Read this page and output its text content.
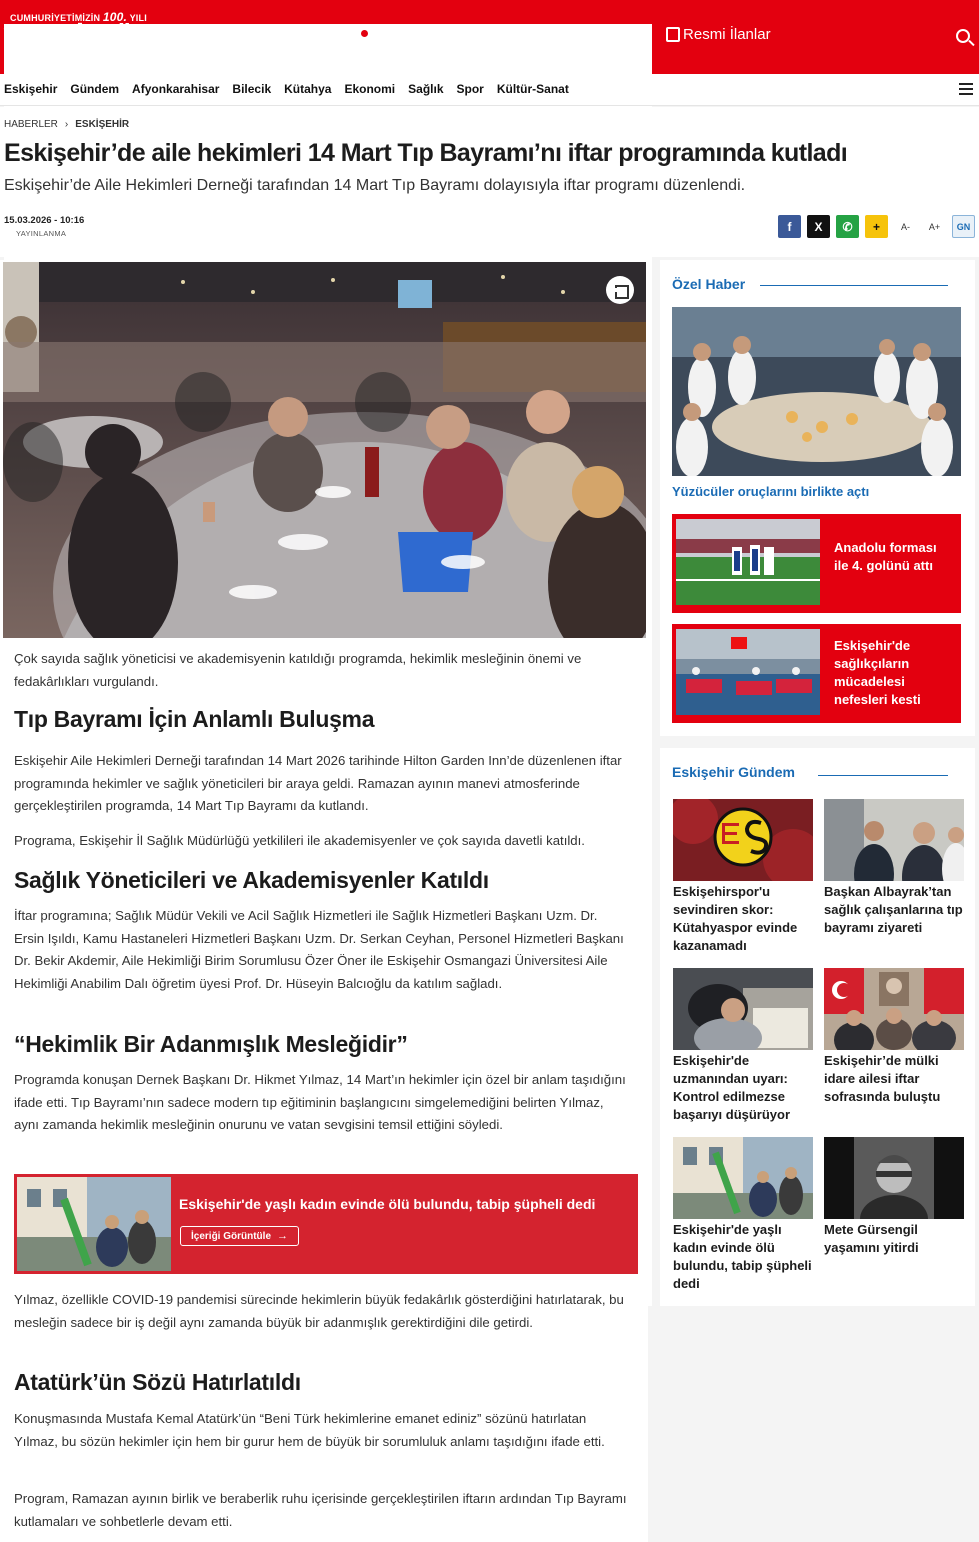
CUMHURİYETİMİZİN 100. YILI
YENİGÜN	Foto Galeri	Video	Yazarlar	Resmi İlanlar
Eskişehir Gündem Afyonkarahisar Bilecik Kütahya Ekonomi Sağlık Spor Kültür-Sanat
HABERLER › ESKİŞEHİR
Eskişehir’de aile hekimleri 14 Mart Tıp Bayramı’nı iftar programında kutladı
Eskişehir’de Aile Hekimleri Derneği tarafından 14 Mart Tıp Bayramı dolayısıyla iftar programı düzenlendi.
15.03.2026 - 10:16
YAYINLANMA	f	X	✆	+	A-	A+	GN

Çok sayıda sağlık yöneticisi ve akademisyenin katıldığı programda, hekimlik mesleğinin önemi ve fedakârlıkları vurgulandı.

Tıp Bayramı İçin Anlamlı Buluşma

Eskişehir Aile Hekimleri Derneği tarafından 14 Mart 2026 tarihinde Hilton Garden Inn’de düzenlenen iftar programında hekimler ve sağlık yöneticileri bir araya geldi. Ramazan ayının manevi atmosferinde gerçekleştirilen programda, 14 Mart Tıp Bayramı da kutlandı.

Programa, Eskişehir İl Sağlık Müdürlüğü yetkilileri ile akademisyenler ve çok sayıda davetli katıldı.

Sağlık Yöneticileri ve Akademisyenler Katıldı

İftar programına; Sağlık Müdür Vekili ve Acil Sağlık Hizmetleri ile Sağlık Hizmetleri Başkanı Uzm. Dr. Ersin Işıldı, Kamu Hastaneleri Hizmetleri Başkanı Uzm. Dr. Serkan Ceyhan, Personel Hizmetleri Başkanı Dr. Bekir Akdemir, Aile Hekimliği Birim Sorumlusu Özer Öner ile Eskişehir Osmangazi Üniversitesi Aile Hekimliği Anabilim Dalı öğretim üyesi Prof. Dr. Hüseyin Balcıoğlu da katılım sağladı.

“Hekimlik Bir Adanmışlık Mesleğidir”

Programda konuşan Dernek Başkanı Dr. Hikmet Yılmaz, 14 Mart’ın hekimler için özel bir anlam taşıdığını ifade etti. Tıp Bayramı’nın sadece modern tıp eğitiminin başlangıcını simgelemediğini belirten Yılmaz, aynı zamanda hekimlik mesleğinin onurunu ve vatan sevgisini temsil ettiğini söyledi.

Eskişehir'de yaşlı kadın evinde ölü bulundu, tabip şüpheli dedi
İçeriği Görüntüle →

Yılmaz, özellikle COVID-19 pandemisi sürecinde hekimlerin büyük fedakârlık gösterdiğini hatırlatarak, bu mesleğin sadece bir iş değil aynı zamanda büyük bir adanmışlık gerektirdiğini dile getirdi.

Atatürk’ün Sözü Hatırlatıldı

Konuşmasında Mustafa Kemal Atatürk’ün “Beni Türk hekimlerine emanet ediniz” sözünü hatırlatan Yılmaz, bu sözün hekimler için hem bir gurur hem de büyük bir sorumluluk anlamı taşıdığını ifade etti.

Program, Ramazan ayının birlik ve beraberlik ruhu içerisinde gerçekleştirilen iftarın ardından Tıp Bayramı kutlamaları ve sohbetlerle devam etti.

Özel Haber
Yüzücüler oruçlarını birlikte açtı
Anadolu forması ile 4. golünü attı
Eskişehir'de sağlıkçıların mücadelesi nefesleri kesti
Eskişehir Gündem
Eskişehirspor'u sevindiren skor: Kütahyaspor evinde kazanamadı
Başkan Albayrak’tan sağlık çalışanlarına tıp bayramı ziyareti
Eskişehir'de uzmanından uyarı: Kontrol edilmezse başarıyı düşürüyor
Eskişehir’de mülki idare ailesi iftar sofrasında buluştu
Eskişehir'de yaşlı kadın evinde ölü bulundu, tabip şüpheli dedi
Mete Gürsengil yaşamını yitirdi
